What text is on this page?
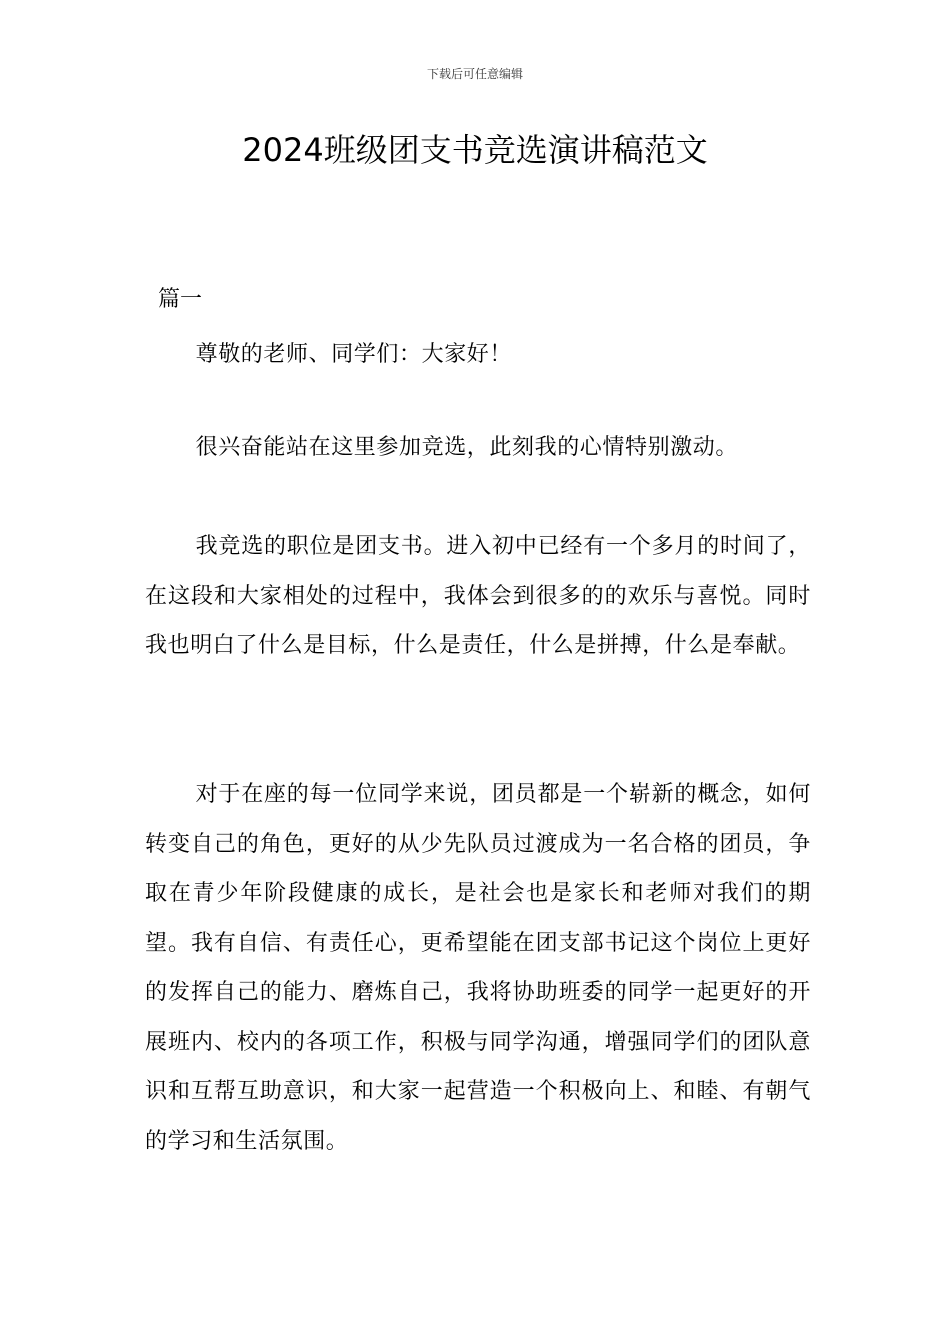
下载后可任意编辑
2024班级团支书竞选演讲稿范文
篇一

尊敬的老师、同学们：大家好！

很兴奋能站在这里参加竞选，此刻我的心情特别激动。

我竞选的职位是团支书。进入初中已经有一个多月的时间了，在这段和大家相处的过程中，我体会到很多的的欢乐与喜悦。同时我也明白了什么是目标，什么是责任，什么是拼搏，什么是奉献。

对于在座的每一位同学来说，团员都是一个崭新的概念，如何转变自己的角色，更好的从少先队员过渡成为一名合格的团员，争取在青少年阶段健康的成长，是社会也是家长和老师对我们的期望。我有自信、有责任心，更希望能在团支部书记这个岗位上更好的发挥自己的能力、磨炼自己，我将协助班委的同学一起更好的开展班内、校内的各项工作，积极与同学沟通，增强同学们的团队意识和互帮互助意识，和大家一起营造一个积极向上、和睦、有朝气的学习和生活氛围。
